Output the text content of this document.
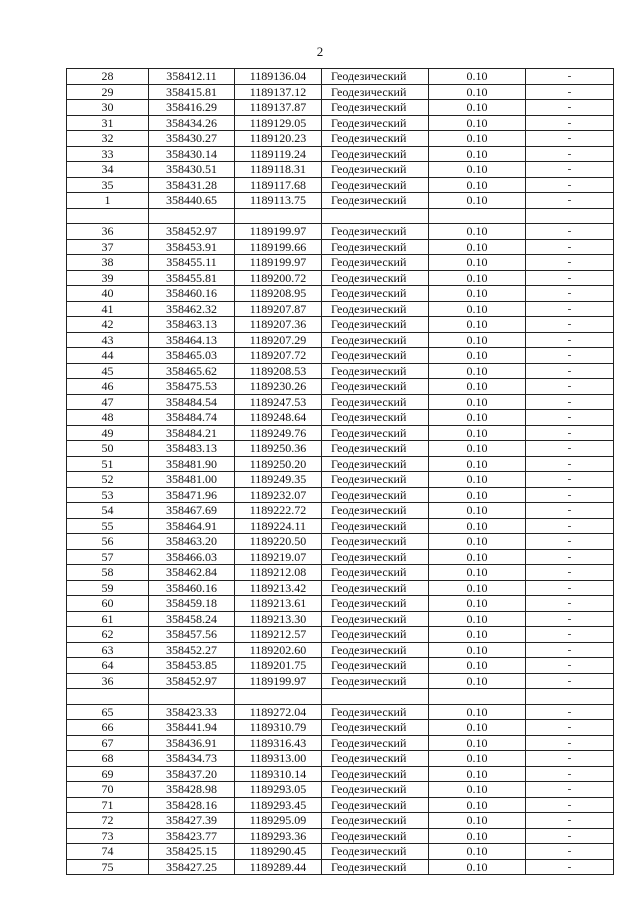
2
28	358412.11	1189136.04	Геодезический	0.10	-
29	358415.81	1189137.12	Геодезический	0.10	-
30	358416.29	1189137.87	Геодезический	0.10	-
31	358434.26	1189129.05	Геодезический	0.10	-
32	358430.27	1189120.23	Геодезический	0.10	-
33	358430.14	1189119.24	Геодезический	0.10	-
34	358430.51	1189118.31	Геодезический	0.10	-
35	358431.28	1189117.68	Геодезический	0.10	-
1	358440.65	1189113.75	Геодезический	0.10	-

36	358452.97	1189199.97	Геодезический	0.10	-
37	358453.91	1189199.66	Геодезический	0.10	-
38	358455.11	1189199.97	Геодезический	0.10	-
39	358455.81	1189200.72	Геодезический	0.10	-
40	358460.16	1189208.95	Геодезический	0.10	-
41	358462.32	1189207.87	Геодезический	0.10	-
42	358463.13	1189207.36	Геодезический	0.10	-
43	358464.13	1189207.29	Геодезический	0.10	-
44	358465.03	1189207.72	Геодезический	0.10	-
45	358465.62	1189208.53	Геодезический	0.10	-
46	358475.53	1189230.26	Геодезический	0.10	-
47	358484.54	1189247.53	Геодезический	0.10	-
48	358484.74	1189248.64	Геодезический	0.10	-
49	358484.21	1189249.76	Геодезический	0.10	-
50	358483.13	1189250.36	Геодезический	0.10	-
51	358481.90	1189250.20	Геодезический	0.10	-
52	358481.00	1189249.35	Геодезический	0.10	-
53	358471.96	1189232.07	Геодезический	0.10	-
54	358467.69	1189222.72	Геодезический	0.10	-
55	358464.91	1189224.11	Геодезический	0.10	-
56	358463.20	1189220.50	Геодезический	0.10	-
57	358466.03	1189219.07	Геодезический	0.10	-
58	358462.84	1189212.08	Геодезический	0.10	-
59	358460.16	1189213.42	Геодезический	0.10	-
60	358459.18	1189213.61	Геодезический	0.10	-
61	358458.24	1189213.30	Геодезический	0.10	-
62	358457.56	1189212.57	Геодезический	0.10	-
63	358452.27	1189202.60	Геодезический	0.10	-
64	358453.85	1189201.75	Геодезический	0.10	-
36	358452.97	1189199.97	Геодезический	0.10	-

65	358423.33	1189272.04	Геодезический	0.10	-
66	358441.94	1189310.79	Геодезический	0.10	-
67	358436.91	1189316.43	Геодезический	0.10	-
68	358434.73	1189313.00	Геодезический	0.10	-
69	358437.20	1189310.14	Геодезический	0.10	-
70	358428.98	1189293.05	Геодезический	0.10	-
71	358428.16	1189293.45	Геодезический	0.10	-
72	358427.39	1189295.09	Геодезический	0.10	-
73	358423.77	1189293.36	Геодезический	0.10	-
74	358425.15	1189290.45	Геодезический	0.10	-
75	358427.25	1189289.44	Геодезический	0.10	-
